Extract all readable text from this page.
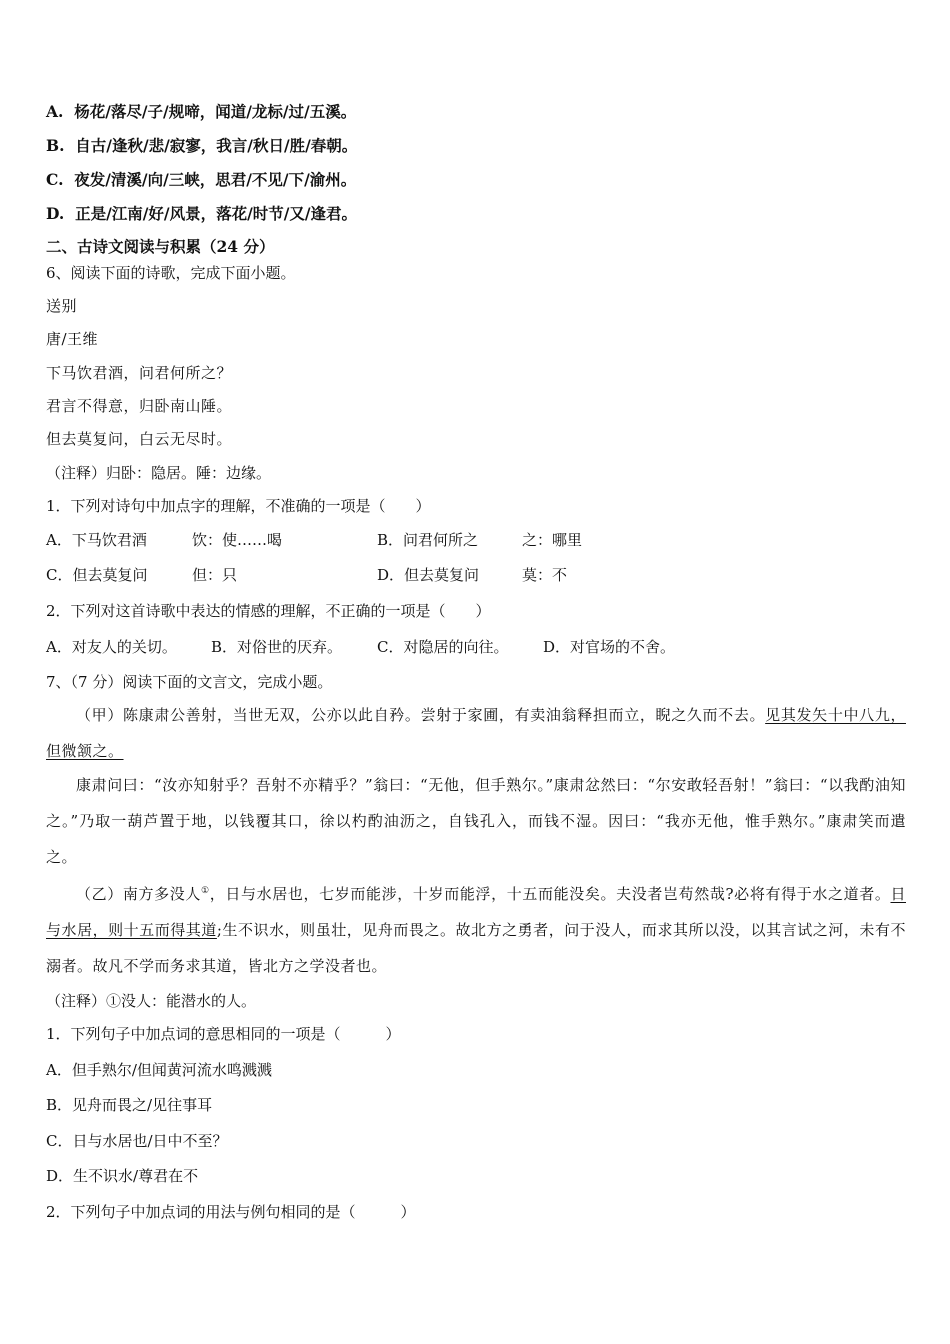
A. 杨花/落尽/子/规啼，闻道/龙标/过/五溪。
B. 自古/逢秋/悲/寂寥，我言/秋日/胜/春朝。
C. 夜发/清溪/向/三峡，思君/不见/下/渝州。
D. 正是/江南/好/风景，落花/时节/又/逢君。
二、古诗文阅读与积累（24 分）
6、阅读下面的诗歌，完成下面小题。
送别
唐/王维
下马饮君酒，问君何所之？
君言不得意，归卧南山陲。
但去莫复问，白云无尽时。
（注释）归卧：隐居。陲：边缘。
1．下列对诗句中加点字的理解，不准确的一项是（　　）
A．下马饮君酒	饮：使……喝	B．问君何所之	之：哪里
C．但去莫复问	但：只	D．但去莫复问	莫：不
2．下列对这首诗歌中表达的情感的理解，不正确的一项是（　　）
A．对友人的关切。 B．对俗世的厌弃。 C．对隐居的向往。 D．对官场的不舍。
7、（7 分）阅读下面的文言文，完成小题。
（甲）陈康肃公善射，当世无双，公亦以此自矜。尝射于家圃，有卖油翁释担而立，睨之久而不去。见其发矢十中八九，但微颔之。
康肃问曰：“汝亦知射乎？吾射不亦精乎？”翁曰：“无他，但手熟尔。”康肃忿然曰：“尔安敢轻吾射！”翁曰：“以我酌油知之。”乃取一葫芦置于地，以钱覆其口，徐以杓酌油沥之，自钱孔入，而钱不湿。因曰：“我亦无他，惟手熟尔。”康肃笑而遣之。
（乙）南方多没人①，日与水居也，七岁而能涉，十岁而能浮，十五而能没矣。夫没者岂苟然哉?必将有得于水之道者。日与水居，则十五而得其道;生不识水，则虽壮，见舟而畏之。故北方之勇者，问于没人，而求其所以没，以其言试之河，未有不溺者。故凡不学而务求其道，皆北方之学没者也。
（注释）①没人：能潜水的人。
1．下列句子中加点词的意思相同的一项是（　　　）
A．但手熟尔/但闻黄河流水鸣溅溅
B．见舟而畏之/见往事耳
C．日与水居也/日中不至？
D．生不识水/尊君在不
2．下列句子中加点词的用法与例句相同的是（　　　）
